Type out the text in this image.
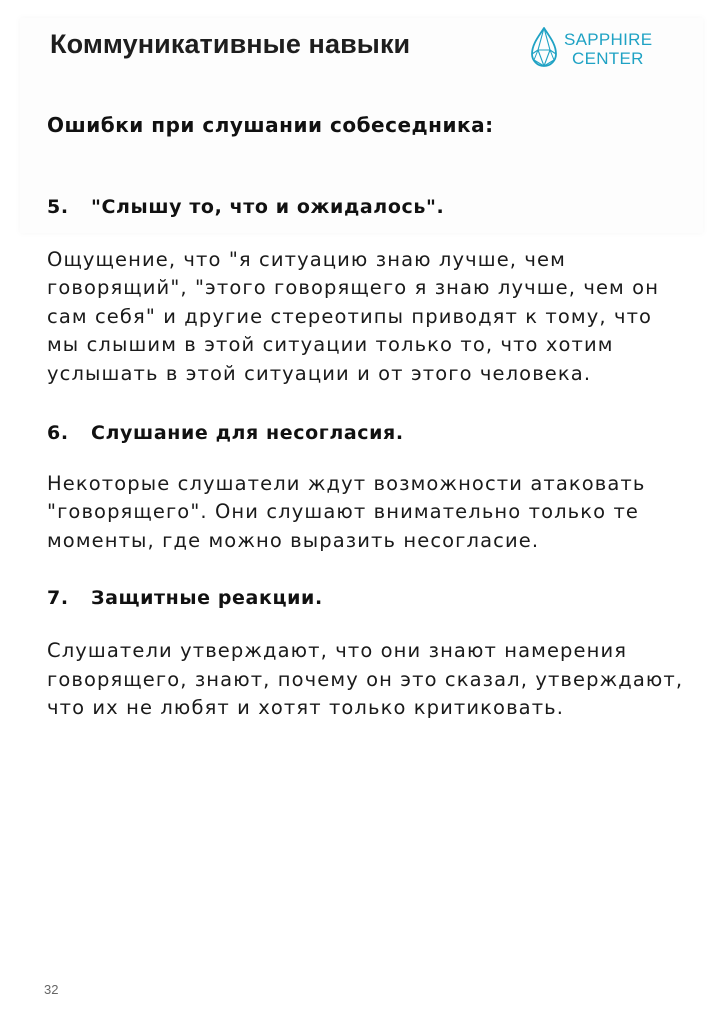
Коммуникативные навыки	SAPPHIRE
CENTER
Ошибки при слушании собеседника:
5. "Слышу то, что и ожидалось".

Ощущение, что "я ситуацию знаю лучше, чем говорящий", "этого говорящего я знаю лучше, чем он сам себя" и другие стереотипы приводят к тому, что мы слышим в этой ситуации только то, что хотим услышать в этой ситуации и от этого человека.

6. Слушание для несогласия.

Некоторые слушатели ждут возможности атаковать "говорящего". Они слушают внимательно только те моменты, где можно выразить несогласие.

7. Защитные реакции.

Слушатели утверждают, что они знают намерения говорящего, знают, почему он это сказал, утверждают, что их не любят и хотят только критиковать.

32
